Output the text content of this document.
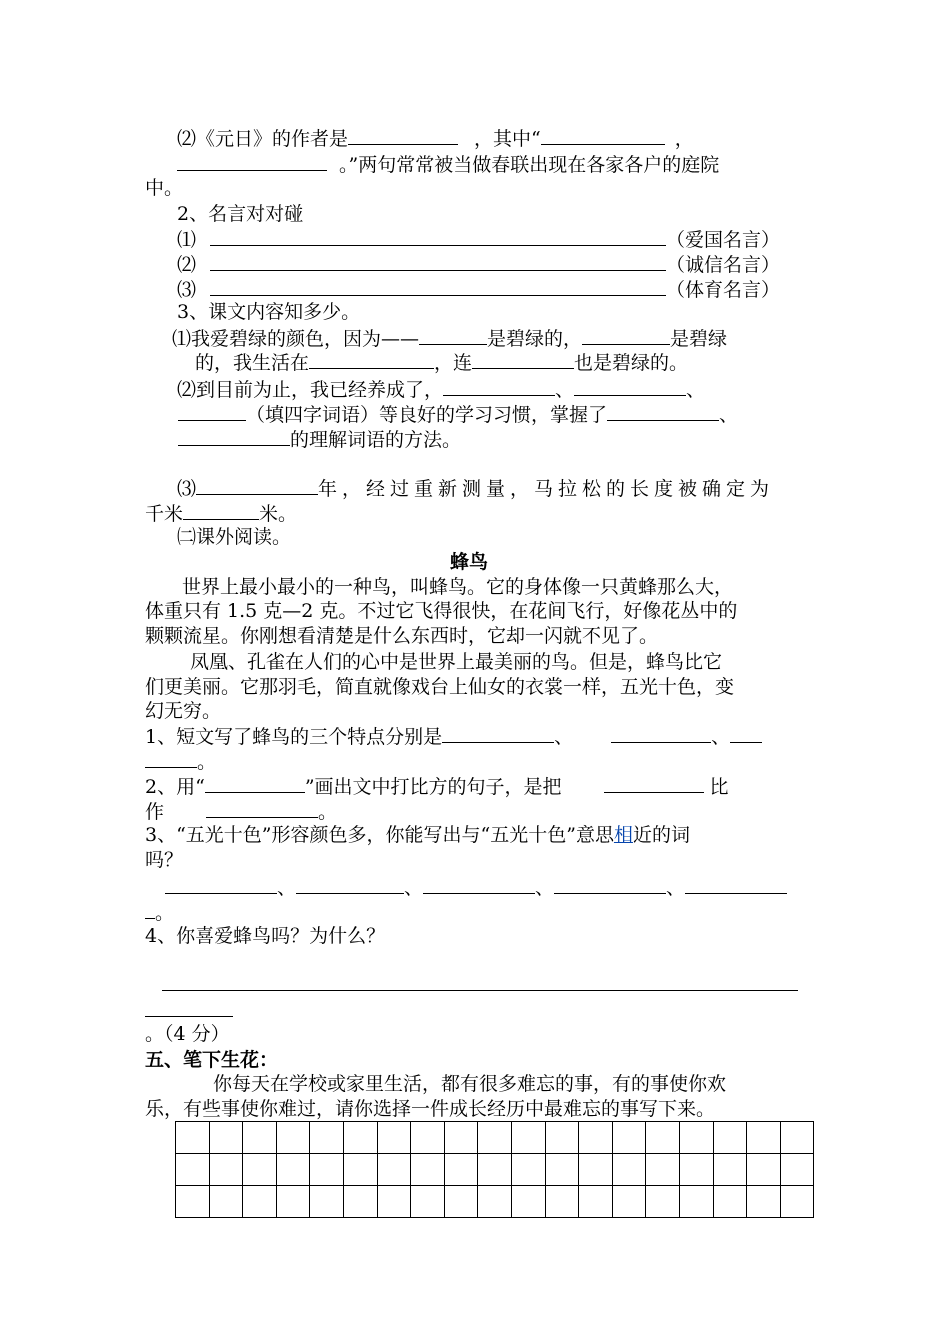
⑵《元日》的作者是	，其中“	，
。”两句常常被当做春联出现在各家各户的庭院
中。
2、名言对对碰
⑴	（爱国名言）
⑵	（诚信名言）
⑶	（体育名言）
3、课文内容知多少。
⑴我爱碧绿的颜色，因为——	是碧绿的，	是碧绿
的，我生活在	，连	也是碧绿的。
⑵到目前为止，我已经养成了，	、	、
（填四字词语）等良好的学习习惯，掌握了	、
的理解词语的方法。
⑶	年，经过重新测量，马拉松的长度被确定为
千米	米。
㈡课外阅读。
蜂鸟
世界上最小最小的一种鸟，叫蜂鸟。它的身体像一只黄蜂那么大，
体重只有 1.5 克—2 克。不过它飞得很快，在花间飞行，好像花丛中的
颗颗流星。你刚想看清楚是什么东西时，它却一闪就不见了。
凤凰、孔雀在人们的心中是世界上最美丽的鸟。但是，蜂鸟比它
们更美丽。它那羽毛，简直就像戏台上仙女的衣裳一样，五光十色，变
幻无穷。
1、短文写了蜂鸟的三个特点分别是	、	、
。
2、用“	”画出文中打比方的句子，是把	比
作	。
3、“五光十色”形容颜色多，你能写出与“五光十色”意思相近的词
吗？
、	、	、	、
。
4、你喜爱蜂鸟吗？为什么？
。（4 分）
五、笔下生花：
你每天在学校或家里生活，都有很多难忘的事，有的事使你欢
乐，有些事使你难过，请你选择一件成长经历中最难忘的事写下来。
